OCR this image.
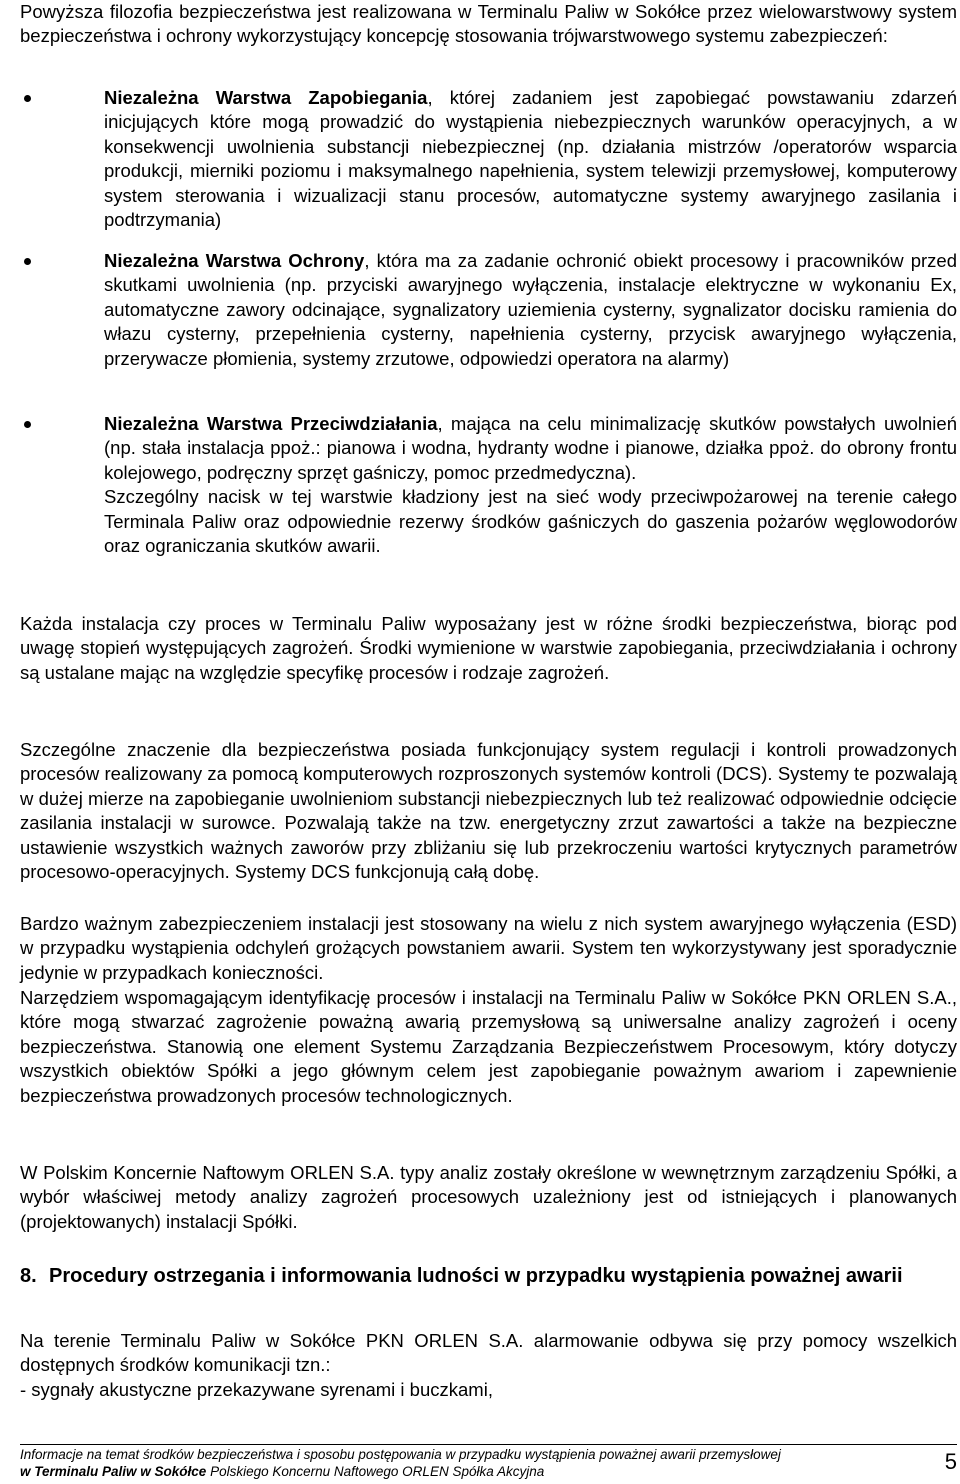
Powyższa filozofia bezpieczeństwa jest realizowana w Terminalu Paliw w Sokółce przez wielowarstwowy system bezpieczeństwa i ochrony wykorzystujący koncepcję stosowania trójwarstwowego systemu zabezpieczeń:

Niezależna Warstwa Zapobiegania, której zadaniem jest zapobiegać powstawaniu zdarzeń inicjujących które mogą prowadzić do wystąpienia niebezpiecznych warunków operacyjnych, a w konsekwencji uwolnienia substancji niebezpiecznej (np. działania mistrzów /operatorów wsparcia produkcji, mierniki poziomu i maksymalnego napełnienia, system telewizji przemysłowej, komputerowy system sterowania i wizualizacji stanu procesów, automatyczne systemy awaryjnego zasilania i podtrzymania)
Niezależna Warstwa Ochrony, która ma za zadanie ochronić obiekt procesowy i pracowników przed skutkami uwolnienia (np. przyciski awaryjnego wyłączenia, instalacje elektryczne w wykonaniu Ex, automatyczne zawory odcinające, sygnalizatory uziemienia cysterny, sygnalizator docisku ramienia do włazu cysterny, przepełnienia cysterny, napełnienia cysterny, przycisk awaryjnego wyłączenia, przerywacze płomienia, systemy zrzutowe, odpowiedzi operatora na alarmy)
Niezależna Warstwa Przeciwdziałania, mająca na celu minimalizację skutków powstałych uwolnień (np. stała instalacja ppoż.: pianowa i wodna, hydranty wodne i pianowe, działka ppoż. do obrony frontu kolejowego, podręczny sprzęt gaśniczy, pomoc przedmedyczna).
Szczególny nacisk w tej warstwie kładziony jest na sieć wody przeciwpożarowej na terenie całego Terminala Paliw oraz odpowiednie rezerwy środków gaśniczych do gaszenia pożarów węglowodorów oraz ograniczania skutków awarii.

Każda instalacja czy proces w Terminalu Paliw wyposażany jest w różne środki bezpieczeństwa, biorąc pod uwagę stopień występujących zagrożeń. Środki wymienione w warstwie zapobiegania, przeciwdziałania i ochrony są ustalane mając na względzie specyfikę procesów i rodzaje zagrożeń.

Szczególne znaczenie dla bezpieczeństwa posiada funkcjonujący system regulacji i kontroli prowadzonych procesów realizowany za pomocą komputerowych rozproszonych systemów kontroli (DCS). Systemy te pozwalają w dużej mierze na zapobieganie uwolnieniom substancji niebezpiecznych lub też realizować odpowiednie odcięcie zasilania instalacji w surowce. Pozwalają także na tzw. energetyczny zrzut zawartości a także na bezpieczne ustawienie wszystkich ważnych zaworów przy zbliżaniu się lub przekroczeniu wartości krytycznych parametrów procesowo-operacyjnych. Systemy DCS funkcjonują całą dobę.

Bardzo ważnym zabezpieczeniem instalacji jest stosowany na wielu z nich system awaryjnego wyłączenia (ESD) w przypadku wystąpienia odchyleń grożących powstaniem awarii. System ten wykorzystywany jest sporadycznie jedynie w przypadkach konieczności.

Narzędziem wspomagającym identyfikację procesów i instalacji na Terminalu Paliw w Sokółce PKN ORLEN S.A., które mogą stwarzać zagrożenie poważną awarią przemysłową są uniwersalne analizy zagrożeń i oceny bezpieczeństwa. Stanowią one element Systemu Zarządzania Bezpieczeństwem Procesowym, który dotyczy wszystkich obiektów Spółki a jego głównym celem jest zapobieganie poważnym awariom i zapewnienie bezpieczeństwa prowadzonych procesów technologicznych.

W Polskim Koncernie Naftowym ORLEN S.A. typy analiz zostały określone w wewnętrznym zarządzeniu Spółki, a wybór właściwej metody analizy zagrożeń procesowych uzależniony jest od istniejących i planowanych (projektowanych) instalacji Spółki.

8. Procedury ostrzegania i informowania ludności w przypadku wystąpienia poważnej awarii

Na terenie Terminalu Paliw w Sokółce PKN ORLEN S.A. alarmowanie odbywa się przy pomocy wszelkich dostępnych środków komunikacji tzn.:

- sygnały akustyczne przekazywane syrenami i buczkami,

Informacje na temat środków bezpieczeństwa i sposobu postępowania w przypadku wystąpienia poważnej awarii przemysłowej
w Terminalu Paliw w Sokółce Polskiego Koncernu Naftowego ORLEN Spółka Akcyjna	5
